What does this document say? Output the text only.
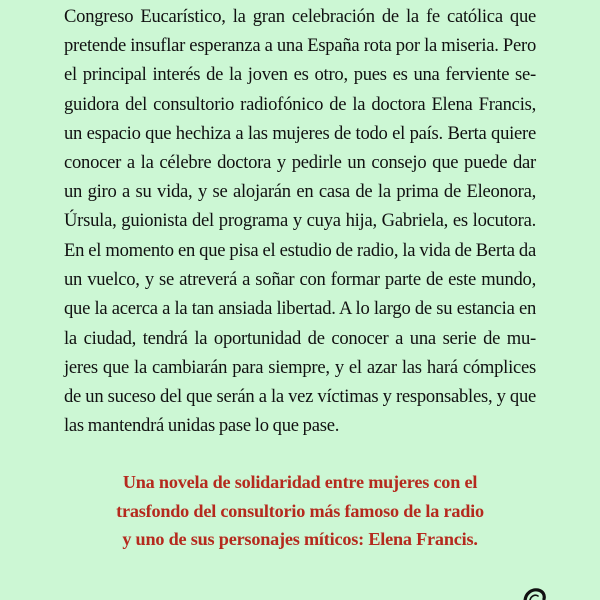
Congreso Eucarístico, la gran celebración de la fe católica que
pretende insuflar esperanza a una España rota por la miseria. Pero
el principal interés de la joven es otro, pues es una ferviente se-
guidora del consultorio radiofónico de la doctora Elena Francis,
un espacio que hechiza a las mujeres de todo el país. Berta quiere
conocer a la célebre doctora y pedirle un consejo que puede dar
un giro a su vida, y se alojarán en casa de la prima de Eleonora,
Úrsula, guionista del programa y cuya hija, Gabriela, es locutora.
En el momento en que pisa el estudio de radio, la vida de Berta da
un vuelco, y se atreverá a soñar con formar parte de este mundo,
que la acerca a la tan ansiada libertad. A lo largo de su estancia en
la ciudad, tendrá la oportunidad de conocer a una serie de mu-
jeres que la cambiarán para siempre, y el azar las hará cómplices
de un suceso del que serán a la vez víctimas y responsables, y que
las mantendrá unidas pase lo que pase.
Una novela de solidaridad entre mujeres con el
trasfondo del consultorio más famoso de la radio
y uno de sus personajes míticos: Elena Francis.
